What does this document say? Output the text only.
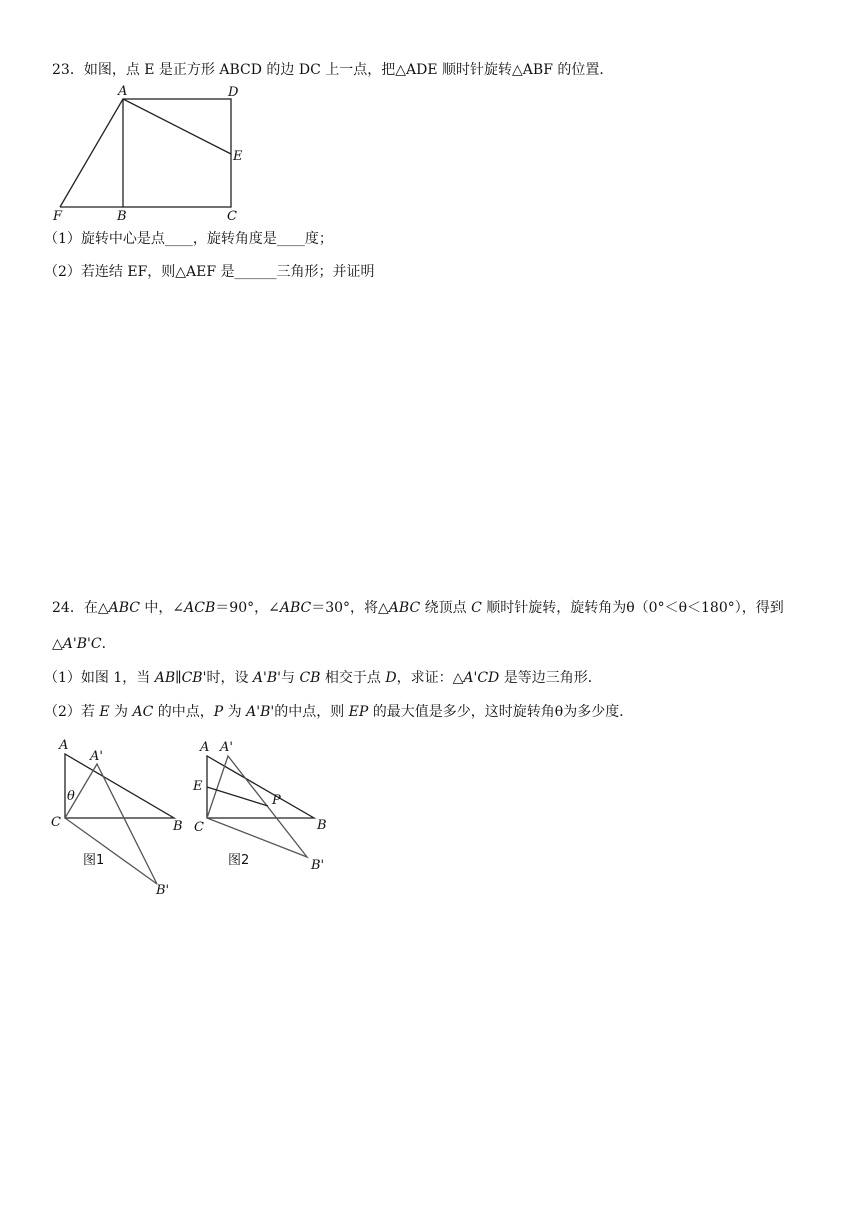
23．如图，点 E 是正方形 ABCD 的边 DC 上一点，把△ADE 顺时针旋转△ABF 的位置．
A	D
E
F	B	C
（1）旋转中心是点____，旋转角度是____度；
（2）若连结 EF，则△AEF 是______三角形；并证明
24．在△ABC 中，∠ACB＝90°，∠ABC＝30°，将△ABC 绕顶点 C 顺时针旋转，旋转角为θ（0°＜θ＜180°），得到
△A'B'C．
（1）如图 1，当 AB∥CB'时，设 A'B'与 CB 相交于点 D，求证：△A'CD 是等边三角形．
（2）若 E 为 AC 的中点，P 为 A'B'的中点，则 EP 的最大值是多少，这时旋转角θ为多少度．
A
A'
θ
C	B
B'
图1
A A'
E
P
C	B
B'
图2
